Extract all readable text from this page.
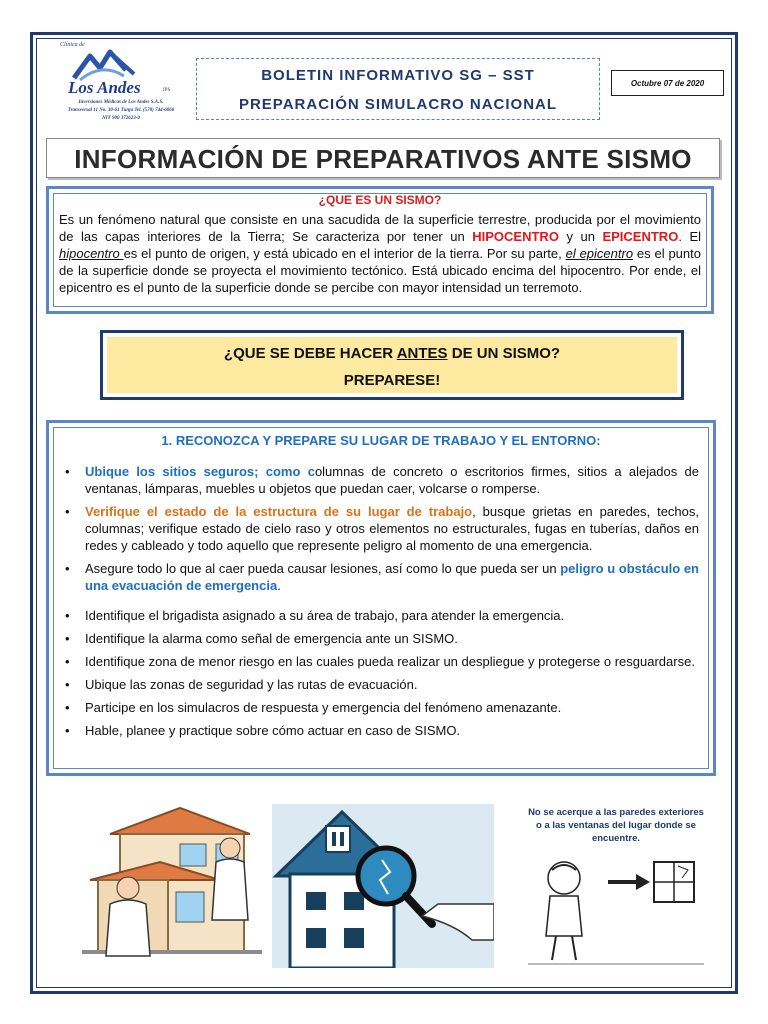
Clínica de
Los Andes	IPS
Inversiones Médicas de Los Andes S.A.S.
Transversal 11 No. 30-61 Tunja Tel. (578) 744-6060
NIT 900 372623-0
BOLETIN INFORMATIVO SG – SST
PREPARACIÓN SIMULACRO NACIONAL
Octubre 07 de 2020
INFORMACIÓN DE PREPARATIVOS ANTE SISMO
¿QUE ES UN SISMO?
Es un fenómeno natural que consiste en una sacudida de la superficie terrestre, producida por el movimiento de las capas interiores de la Tierra; Se caracteriza por tener un HIPOCENTRO y un EPICENTRO. El hipocentro es el punto de origen, y está ubicado en el interior de la tierra. Por su parte, el epicentro es el punto de la superficie donde se proyecta el movimiento tectónico. Está ubicado encima del hipocentro. Por ende, el epicentro es el punto de la superficie donde se percibe con mayor intensidad un terremoto.
¿QUE SE DEBE HACER ANTES DE UN SISMO?
PREPARESE!
1. RECONOZCA Y PREPARE SU LUGAR DE TRABAJO Y EL ENTORNO:
• Ubique los sitios seguros; como columnas de concreto o escritorios firmes, sitios a alejados de ventanas, lámparas, muebles u objetos que puedan caer, volcarse o romperse.
• Verifique el estado de la estructura de su lugar de trabajo, busque grietas en paredes, techos, columnas; verifique estado de cielo raso y otros elementos no estructurales, fugas en tuberías, daños en redes y cableado y todo aquello que represente peligro al momento de una emergencia.
• Asegure todo lo que al caer pueda causar lesiones, así como lo que pueda ser un peligro u obstáculo en una evacuación de emergencia.
• Identifique el brigadista asignado a su área de trabajo, para atender la emergencia.
• Identifique la alarma como señal de emergencia ante un SISMO.
• Identifique zona de menor riesgo en las cuales pueda realizar un despliegue y protegerse o resguardarse.
• Ubique las zonas de seguridad y las rutas de evacuación.
• Participe en los simulacros de respuesta y emergencia del fenómeno amenazante.
• Hable, planee y practique sobre cómo actuar en caso de SISMO.
No se acerque a las paredes exteriores o a las ventanas del lugar donde se encuentre.
